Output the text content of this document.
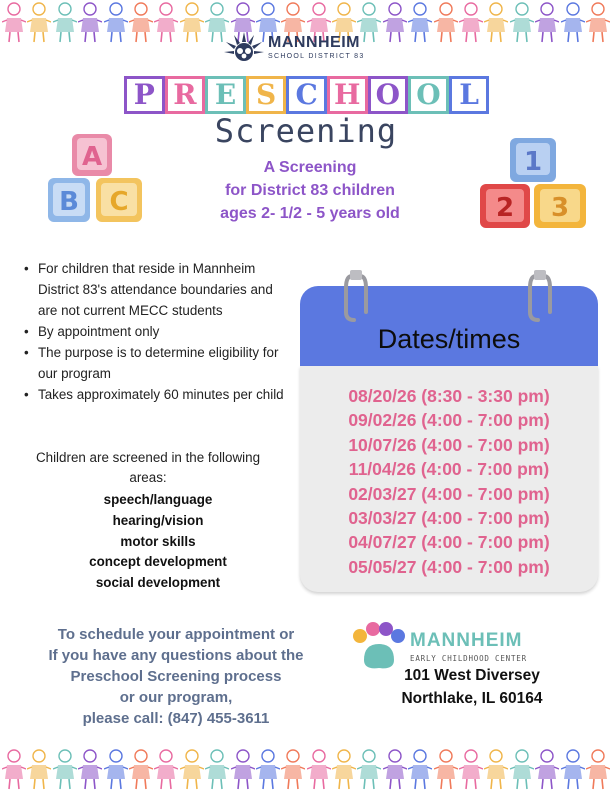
MANNHEIM
SCHOOL DISTRICT 83
P R E S C H O O L
Screening
A Screening
for District 83 children
ages 2- 1/2 - 5 years old
A
B C
1
2 3
• For children that reside in Mannheim District 83's attendance boundaries and are not current MECC students
• By appointment only
• The purpose is to determine eligibility for our program
• Takes approximately 60 minutes per child
Children are screened in the following areas:
speech/language
hearing/vision
motor skills
concept development
social development
Dates/times
08/20/26 (8:30 - 3:30 pm)
09/02/26 (4:00 - 7:00 pm)
10/07/26 (4:00 - 7:00 pm)
11/04/26 (4:00 - 7:00 pm)
02/03/27 (4:00 - 7:00 pm)
03/03/27 (4:00 - 7:00 pm)
04/07/27 (4:00 - 7:00 pm)
05/05/27 (4:00 - 7:00 pm)
To schedule your appointment or
If you have any questions about the
Preschool Screening process
or our program,
please call: (847) 455-3611
MANNHEIM
EARLY CHILDHOOD CENTER
101 West Diversey
Northlake, IL 60164
